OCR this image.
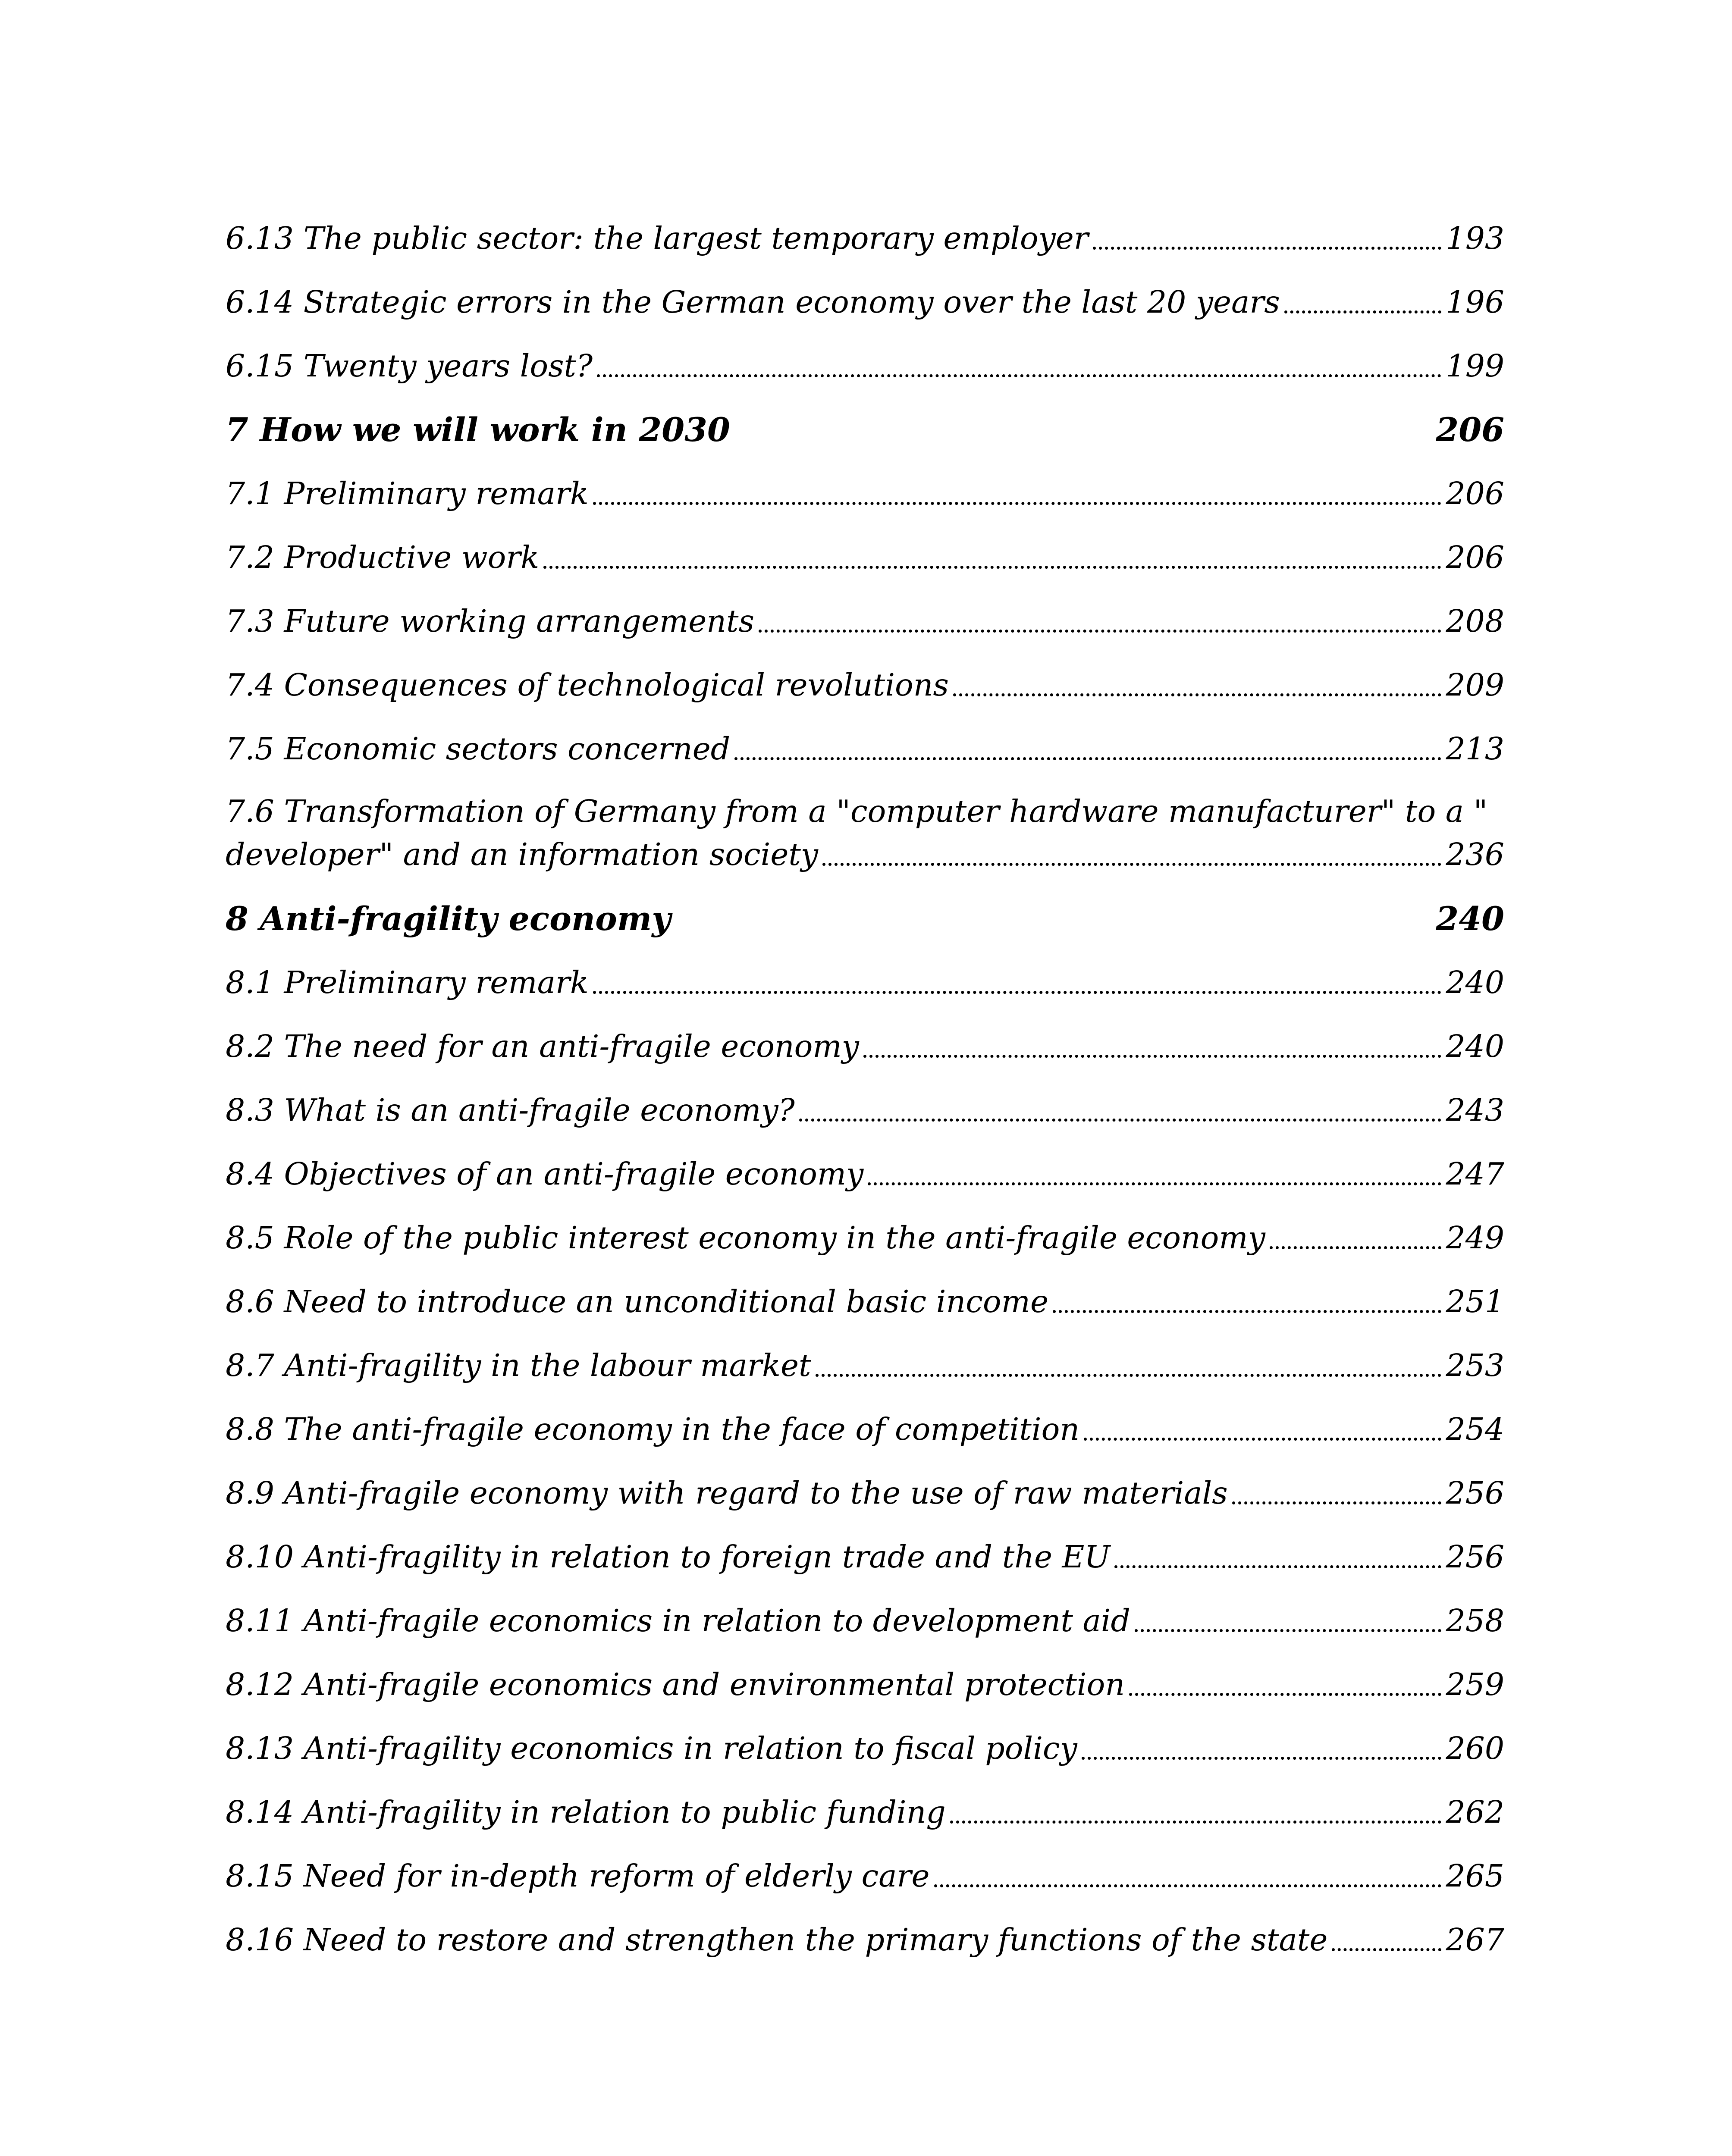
6.13 The public sector: the largest temporary employer	193
6.14 Strategic errors in the German economy over the last 20 years	196
6.15 Twenty years lost?	199
7 How we will work in 2030	206
7.1 Preliminary remark	206
7.2 Productive work	206
7.3 Future working arrangements	208
7.4 Consequences of technological revolutions	209
7.5 Economic sectors concerned	213
7.6 Transformation of Germany from a "computer hardware manufacturer" to a "
developer" and an information society	236
8 Anti-fragility economy	240
8.1 Preliminary remark	240
8.2 The need for an anti-fragile economy	240
8.3 What is an anti-fragile economy?	243
8.4 Objectives of an anti-fragile economy	247
8.5 Role of the public interest economy in the anti-fragile economy	249
8.6 Need to introduce an unconditional basic income	251
8.7 Anti-fragility in the labour market	253
8.8 The anti-fragile economy in the face of competition	254
8.9 Anti-fragile economy with regard to the use of raw materials	256
8.10 Anti-fragility in relation to foreign trade and the EU	256
8.11 Anti-fragile economics in relation to development aid	258
8.12 Anti-fragile economics and environmental protection	259
8.13 Anti-fragility economics in relation to fiscal policy	260
8.14 Anti-fragility in relation to public funding	262
8.15 Need for in-depth reform of elderly care	265
8.16 Need to restore and strengthen the primary functions of the state	267
